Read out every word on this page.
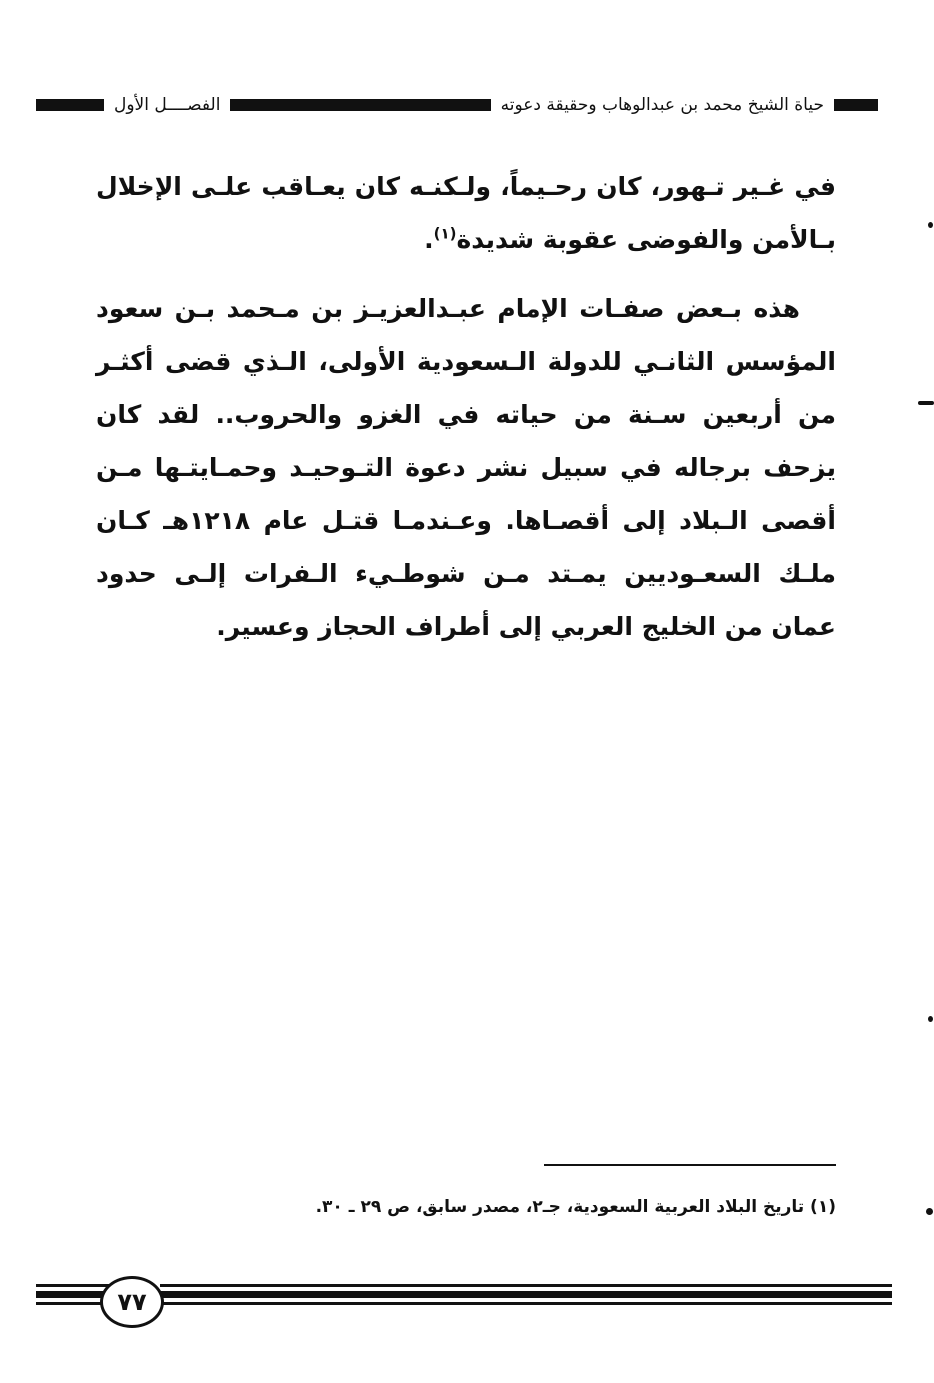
الفصــــل الأول	حياة الشيخ محمد بن عبدالوهاب وحقيقة دعوته

في غـير تـهور، كان رحـيماً، ولـكنـه كان يعـاقب علـى الإخلال بـالأمن والفوضى عقوبة شديدة$^{(١)}$.

هذه بـعض صفـات الإمام عبـدالعزيـز بن مـحمد بـن سعود المؤسس الثانـي للدولة الـسعودية الأولى، الـذي قضى أكثـر من أربعين سـنة من حياته في الغزو والحروب.. لقد كان يزحف برجاله في سبيل نشر دعوة التـوحيـد وحمـايتـها مـن أقصى الـبلاد إلى أقصـاها. وعـندمـا قتـل عام ١٢١٨هـ كـان ملـك السعـوديين يمـتد مـن شوطـيء الـفرات إلـى حدود عمان من الخليج العربي إلى أطراف الحجاز وعسير.

(١) تاريخ البلاد العربية السعودية، جـ٢، مصدر سابق، ص ٢٩ ـ ٣٠.
٧٧
